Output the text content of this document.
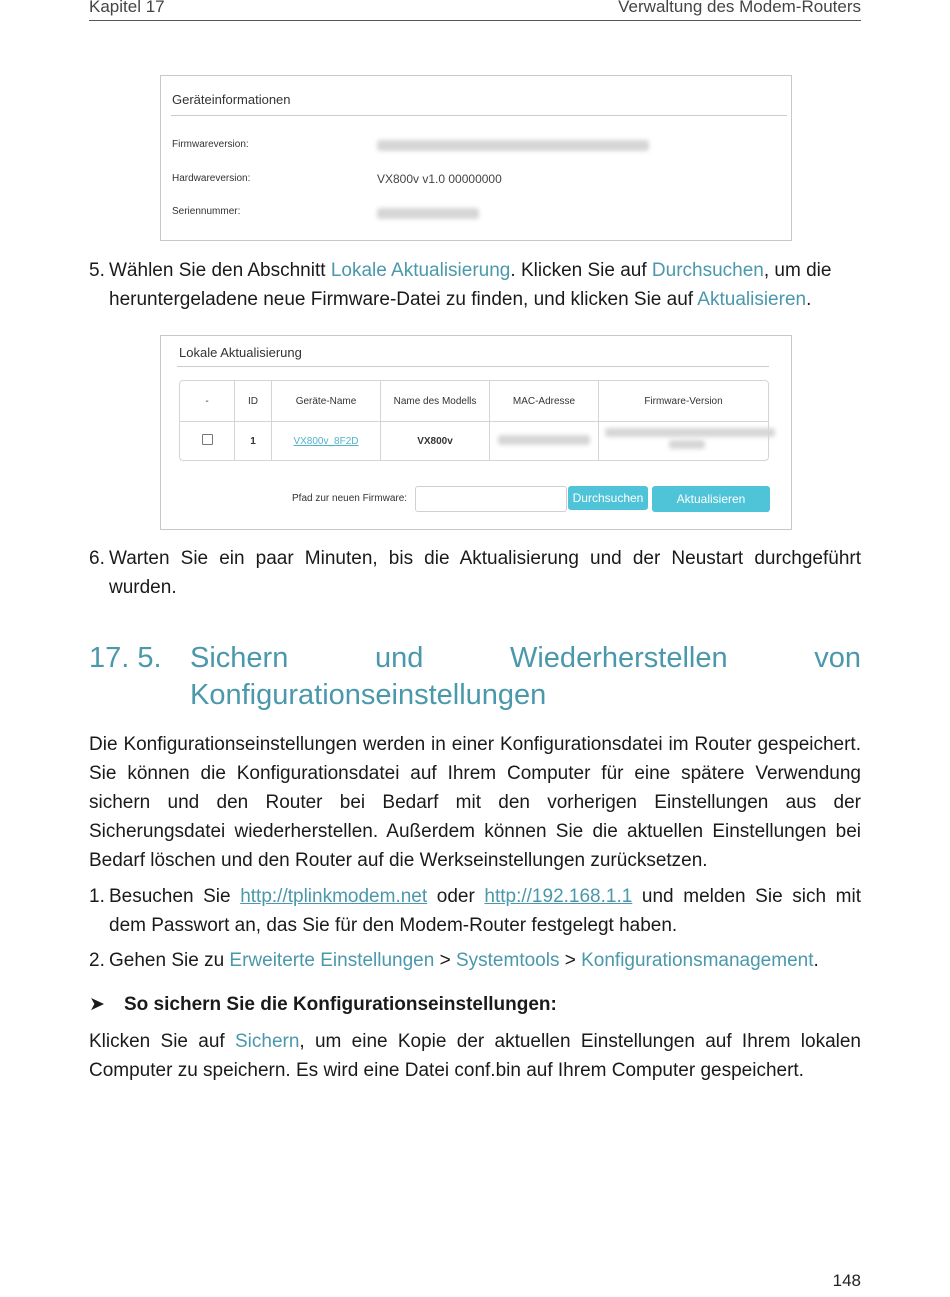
Kapitel 17	Verwaltung des Modem-Routers
Geräteinformationen
Firmwareversion:
Hardwareversion:	VX800v v1.0 00000000
Seriennummer:
5. Wählen Sie den Abschnitt Lokale Aktualisierung. Klicken Sie auf Durchsuchen, um die heruntergeladene neue Firmware-Datei zu finden, und klicken Sie auf Aktualisieren.
Lokale Aktualisierung
-	ID	Geräte-Name	Name des Modells	MAC-Adresse	Firmware-Version
	1	VX800v_8F2D	VX800v	

Pfad zur neuen Firmware:	Durchsuchen	Aktualisieren
6. Warten Sie ein paar Minuten, bis die Aktualisierung und der Neustart durchgeführt wurden.
17. 5. Sichern und Wiederherstellen von
Konfigurationseinstellungen
Die Konfigurationseinstellungen werden in einer Konfigurationsdatei im Router gespeichert. Sie können die Konfigurationsdatei auf Ihrem Computer für eine spätere Verwendung sichern und den Router bei Bedarf mit den vorherigen Einstellungen aus der Sicherungsdatei wiederherstellen. Außerdem können Sie die aktuellen Einstellungen bei Bedarf löschen und den Router auf die Werkseinstellungen zurücksetzen.
1. Besuchen Sie http://tplinkmodem.net oder http://192.168.1.1 und melden Sie sich mit dem Passwort an, das Sie für den Modem-Router festgelegt haben.
2. Gehen Sie zu Erweiterte Einstellungen > Systemtools > Konfigurationsmanagement.
➤ So sichern Sie die Konfigurationseinstellungen:
Klicken Sie auf Sichern, um eine Kopie der aktuellen Einstellungen auf Ihrem lokalen Computer zu speichern. Es wird eine Datei conf.bin auf Ihrem Computer gespeichert.
148
